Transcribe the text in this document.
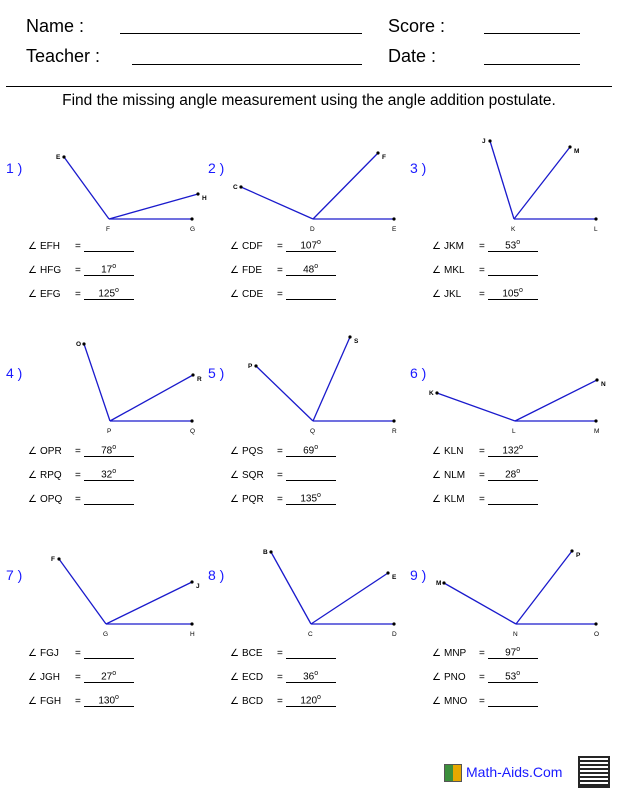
Name :	Score :
Teacher :	Date :
Find the missing angle measurement using the angle addition postulate.
1 )
E
H
F	G
∠ EFH =
∠ HFG = $17^o$
∠ EFG = $125^o$
2 )
C
F
D	E
∠ CDF = $107^o$
∠ FDE = $48^o$
∠ CDE =
3 )
J
M
K	L
∠ JKM = $53^o$
∠ MKL =
∠ JKL = $105^o$
4 )
O
R
P	Q
∠ OPR = $78^o$
∠ RPQ = $32^o$
∠ OPQ =
5 )	P
S
Q	R
∠ PQS = $69^o$
∠ SQR =
∠ PQR = $135^o$
6 )
K
N
L	M
∠ KLN = $132^o$
∠ NLM = $28^o$
∠ KLM =
7 )
F
J
G	H
∠ FGJ =
∠ JGH = $27^o$
∠ FGH = $130^o$
8 )
B
E
C	D
∠ BCE =
∠ ECD = $36^o$
∠ BCD = $120^o$
9 )
M
P
N	O
∠ MNP = $97^o$
∠ PNO = $53^o$
∠ MNO =
Math-Aids.Com
